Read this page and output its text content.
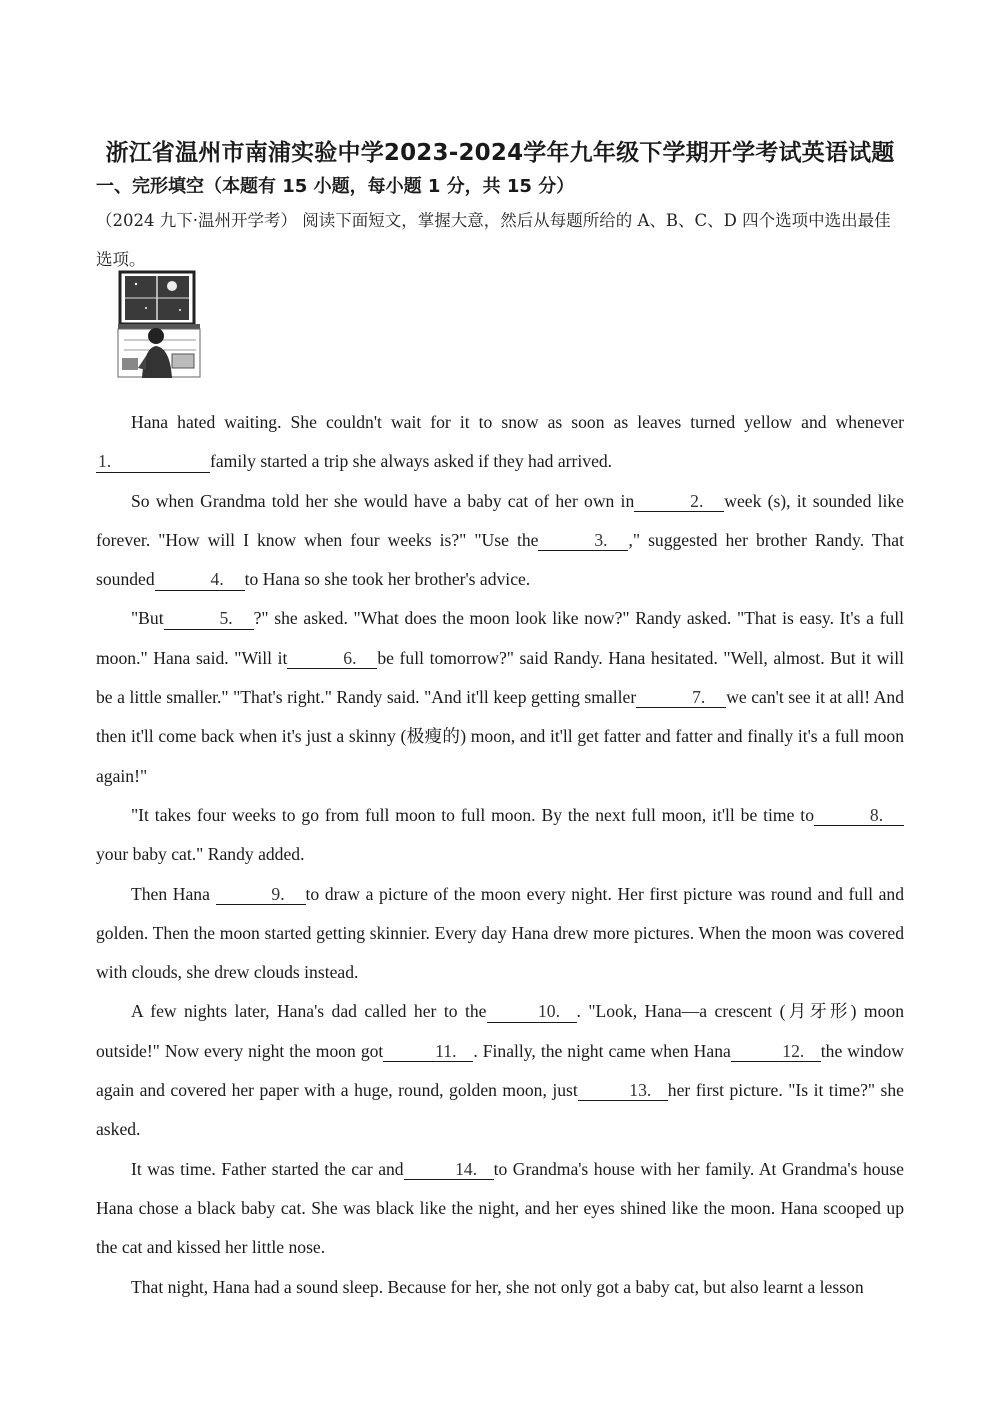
浙江省温州市南浦实验中学2023-2024学年九年级下学期开学考试英语试题
一、完形填空（本题有 15 小题，每小题 1 分，共 15 分）
（2024 九下·温州开学考） 阅读下面短文，掌握大意，然后从每题所给的 A、B、C、D 四个选项中选出最佳选项。

Hana hated waiting. She couldn't wait for it to snow as soon as leaves turned yellow and whenever
1.	family started a trip she always asked if they had arrived.

So when Grandma told her she would have a baby cat of her own in	2. week (s), it sounded like forever. "How will I know when four weeks is?" "Use the	3. ," suggested her brother Randy. That sounded	4. to Hana so she took her brother's advice.

"But	5. ?" she asked. "What does the moon look like now?" Randy asked. "That is easy. It's a full moon." Hana said. "Will it	6. be full tomorrow?" said Randy. Hana hesitated. "Well, almost. But it will be a little smaller." "That's right." Randy said. "And it'll keep getting smaller	7. we can't see it at all! And then it'll come back when it's just a skinny (极瘦的) moon, and it'll get fatter and fatter and finally it's a full moon again!"

"It takes four weeks to go from full moon to full moon. By the next full moon, it'll be time to	8.your baby cat." Randy added.

Then Hana	9. to draw a picture of the moon every night. Her first picture was round and full and golden. Then the moon started getting skinnier. Every day Hana drew more pictures. When the moon was covered with clouds, she drew clouds instead.

A few nights later, Hana's dad called her to the	10. . "Look, Hana—a crescent (月牙形) moon outside!" Now every night the moon got	11. . Finally, the night came when Hana	12. the window again and covered her paper with a huge, round, golden moon, just	13. her first picture. "Is it time?" she asked.

It was time. Father started the car and	14. to Grandma's house with her family. At Grandma's house Hana chose a black baby cat. She was black like the night, and her eyes shined like the moon. Hana scooped up the cat and kissed her little nose.

That night, Hana had a sound sleep. Because for her, she not only got a baby cat, but also learnt a lesson
